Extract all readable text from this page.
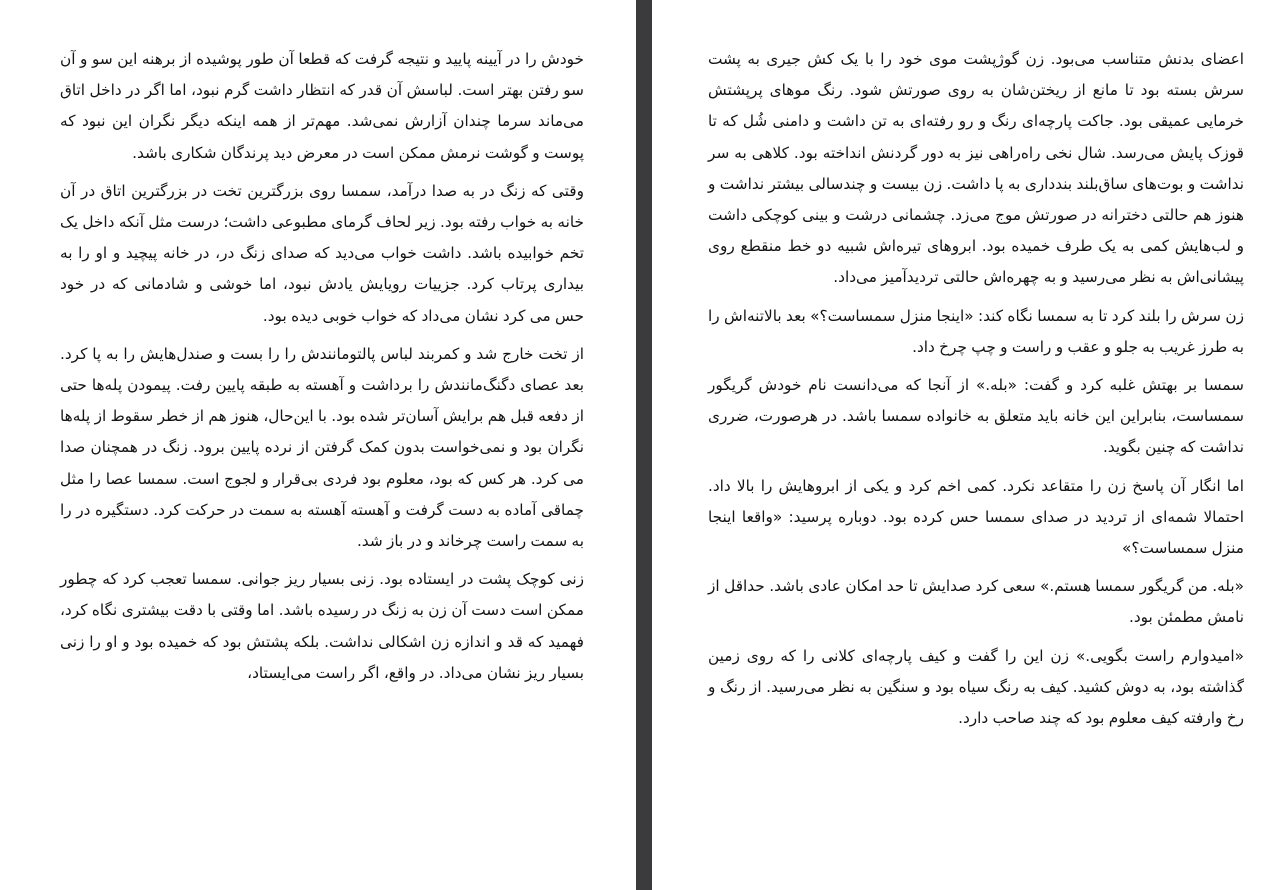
خودش را در آیینه پایید و نتیجه گرفت که قطعا آن طور پوشیده از برهنه این سو و آن سو رفتن بهتر است. لباسش آن قدر که انتظار داشت گرم نبود، اما اگر در داخل اتاق می‌ماند سرما چندان آزارش نمی‌شد. مهم‌تر از همه اینکه دیگر نگران این نبود که پوست و گوشت نرمش ممکن است در معرض دید پرندگان شکاری باشد.

وقتی که زنگ در به صدا درآمد، سمسا روی بزرگترین تخت در بزرگترین اتاق در آن خانه به خواب رفته بود. زیر لحاف گرمای مطبوعی داشت؛ درست مثل آنکه داخل یک تخم خوابیده باشد. داشت خواب می‌دید که صدای زنگ در، در خانه پیچید و او را به بیداری پرتاب کرد. جزییات رویایش یادش نبود، اما خوشی و شادمانی که در خود حس می کرد نشان می‌داد که خواب خوبی دیده بود.

از تخت خارج شد و کمربند لباس پالتومانندش را را بست و صندل‌هایش را به پا کرد. بعد عصای دگنگ‌مانندش را برداشت و آهسته به طبقه پایین رفت. پیمودن پله‌ها حتی از دفعه قبل هم برایش آسان‌تر شده بود. با این‌حال، هنوز هم از خطر سقوط از پله‌ها نگران بود و نمی‌خواست بدون کمک گرفتن از نرده پایین برود. زنگ در همچنان صدا می کرد. هر کس که بود، معلوم بود فردی بی‌قرار و لجوج است. سمسا عصا را مثل چماقی آماده به دست گرفت و آهسته آهسته به سمت در حرکت کرد. دستگیره در را به سمت راست چرخاند و در باز شد.

زنی کوچک پشت در ایستاده بود. زنی بسیار ریز جوانی. سمسا تعجب کرد که چطور ممکن است دست آن زن به زنگ در رسیده باشد. اما وقتی با دقت بیشتری نگاه کرد، فهمید که قد و اندازه زن اشکالی نداشت. بلکه پشتش بود که خمیده بود و او را زنی بسیار ریز نشان می‌داد. در واقع، اگر راست می‌ایستاد،

اعضای بدنش متناسب می‌بود. زن گوژپشت موی خود را با یک کش جیری به پشت سرش بسته بود تا مانع از ریختن‌شان به روی صورتش شود. رنگ موهای پرپشتش خرمایی عمیقی بود. جاکت پارچه‌ای رنگ و رو رفته‌ای به تن داشت و دامنی شُل که تا قوزک پایش می‌رسد. شال نخی راه‌راهی نیز به دور گردنش انداخته بود. کلاهی به سر نداشت و بوت‌های ساق‌بلند بندداری به پا داشت. زن بیست و چندسالی بیشتر نداشت و هنوز هم حالتی دخترانه در صورتش موج می‌زد. چشمانی درشت و بینی کوچکی داشت و لب‌هایش کمی به یک طرف خمیده بود. ابروهای تیره‌اش شبیه دو خط منقطع روی پیشانی‌اش به نظر می‌رسید و به چهره‌اش حالتی تردیدآمیز می‌داد.

زن سرش را بلند کرد تا به سمسا نگاه کند: «اینجا منزل سمساست؟» بعد بالاتنه‌اش را به طرز غریب به جلو و عقب و راست و چپ چرخ داد.

سمسا بر بهتش غلبه کرد و گفت: «بله.» از آنجا که می‌دانست نام خودش گریگور سمساست، بنابراین این خانه باید متعلق به خانواده سمسا باشد. در هرصورت، ضرری نداشت که چنین بگوید.

اما انگار آن پاسخ زن را متقاعد نکرد. کمی اخم کرد و یکی از ابروهایش را بالا داد. احتمالا شمه‌ای از تردید در صدای سمسا حس کرده بود. دوباره پرسید: «واقعا اینجا منزل سمساست؟»

«بله. من گریگور سمسا هستم.» سعی کرد صدایش تا حد امکان عادی باشد. حداقل از نامش مطمئن بود.

«امیدوارم راست بگویی.» زن این را گفت و کیف پارچه‌ای کلانی را که روی زمین گذاشته بود، به دوش کشید. کیف به رنگ سیاه بود و سنگین به نظر می‌رسید. از رنگ و رخ وارفته کیف معلوم بود که چند صاحب دارد.
